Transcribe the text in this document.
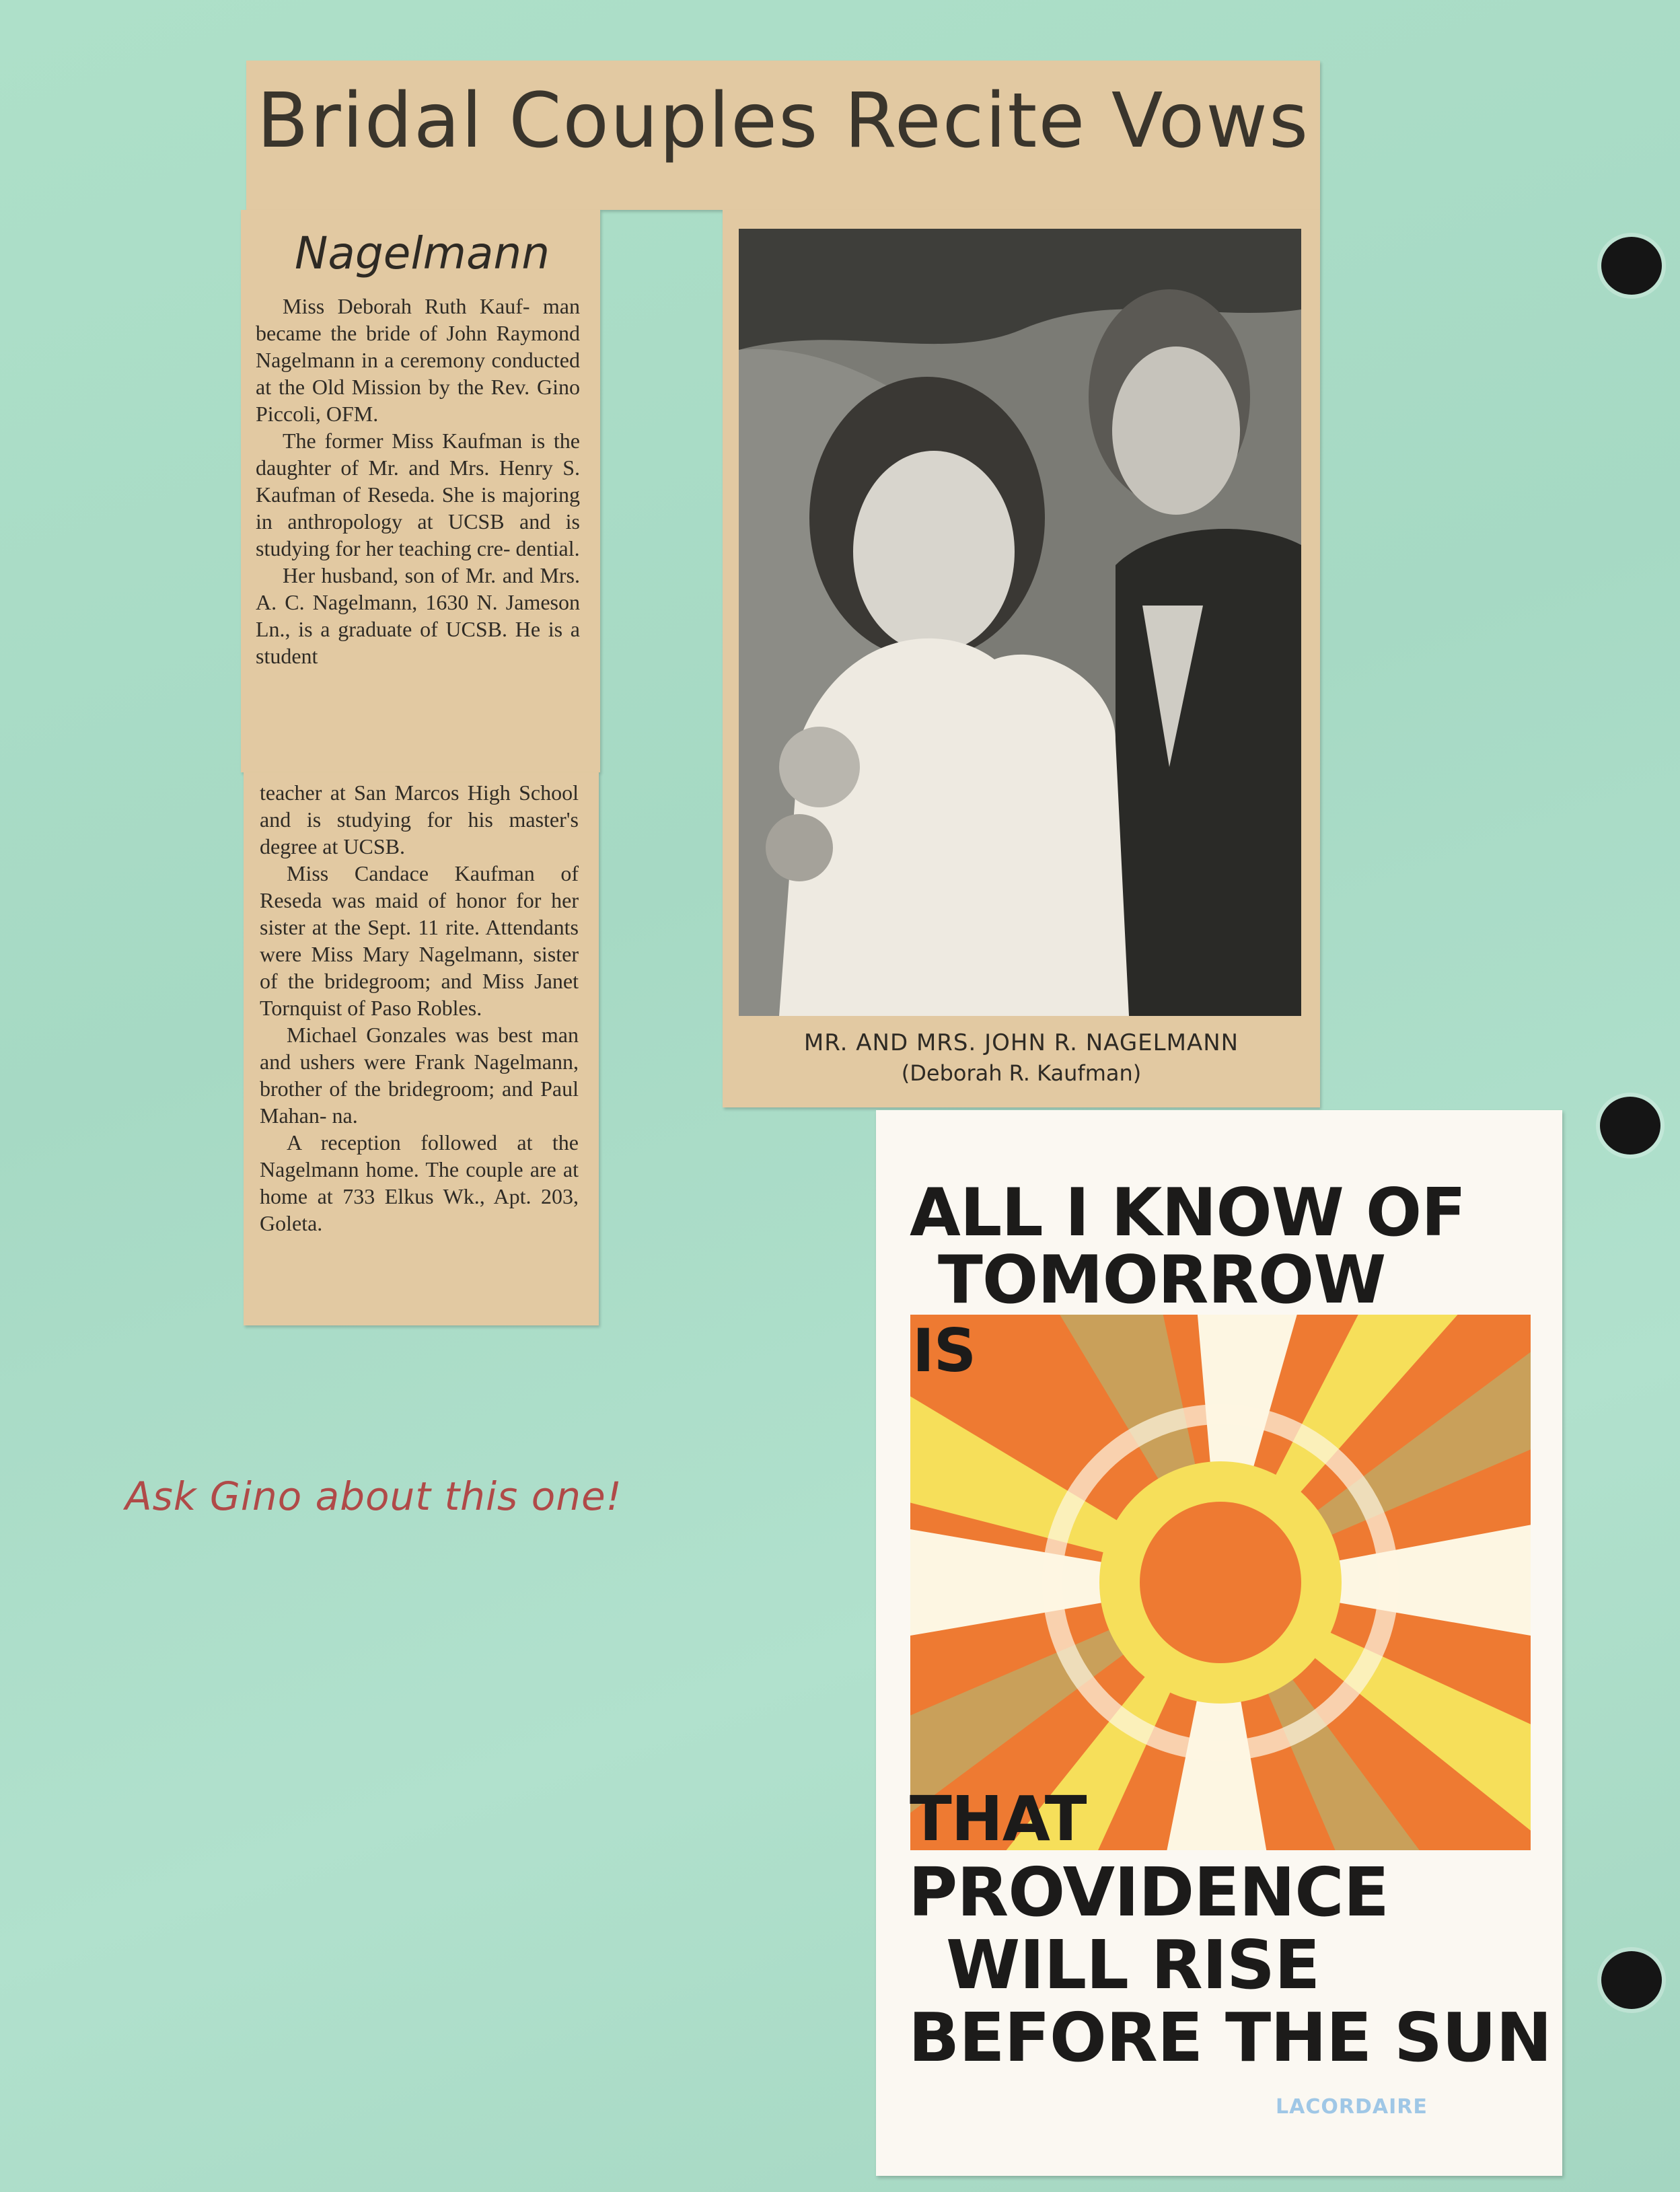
Bridal Couples Recite Vows
Nagelmann

Miss Deborah Ruth Kauf- man became the bride of John Raymond Nagelmann in a ceremony conducted at the Old Mission by the Rev. Gino Piccoli, OFM.

The former Miss Kaufman is the daughter of Mr. and Mrs. Henry S. Kaufman of Reseda. She is majoring in anthropology at UCSB and is studying for her teaching cre- dential.

Her husband, son of Mr. and Mrs. A. C. Nagelmann, 1630 N. Jameson Ln., is a graduate of UCSB. He is a student

teacher at San Marcos High School and is studying for his master's degree at UCSB.

Miss Candace Kaufman of Reseda was maid of honor for her sister at the Sept. 11 rite. Attendants were Miss Mary Nagelmann, sister of the bridegroom; and Miss Janet Tornquist of Paso Robles.

Michael Gonzales was best man and ushers were Frank Nagelmann, brother of the bridegroom; and Paul Mahan- na.

A reception followed at the Nagelmann home. The couple are at home at 733 Elkus Wk., Apt. 203, Goleta.

MR. AND MRS. JOHN R. NAGELMANN
(Deborah R. Kaufman)
ALL I KNOW OF
TOMORROW
IS
THAT
PROVIDENCE
WILL RISE
BEFORE THE SUN
LACORDAIRE
Ask Gino about this one!
